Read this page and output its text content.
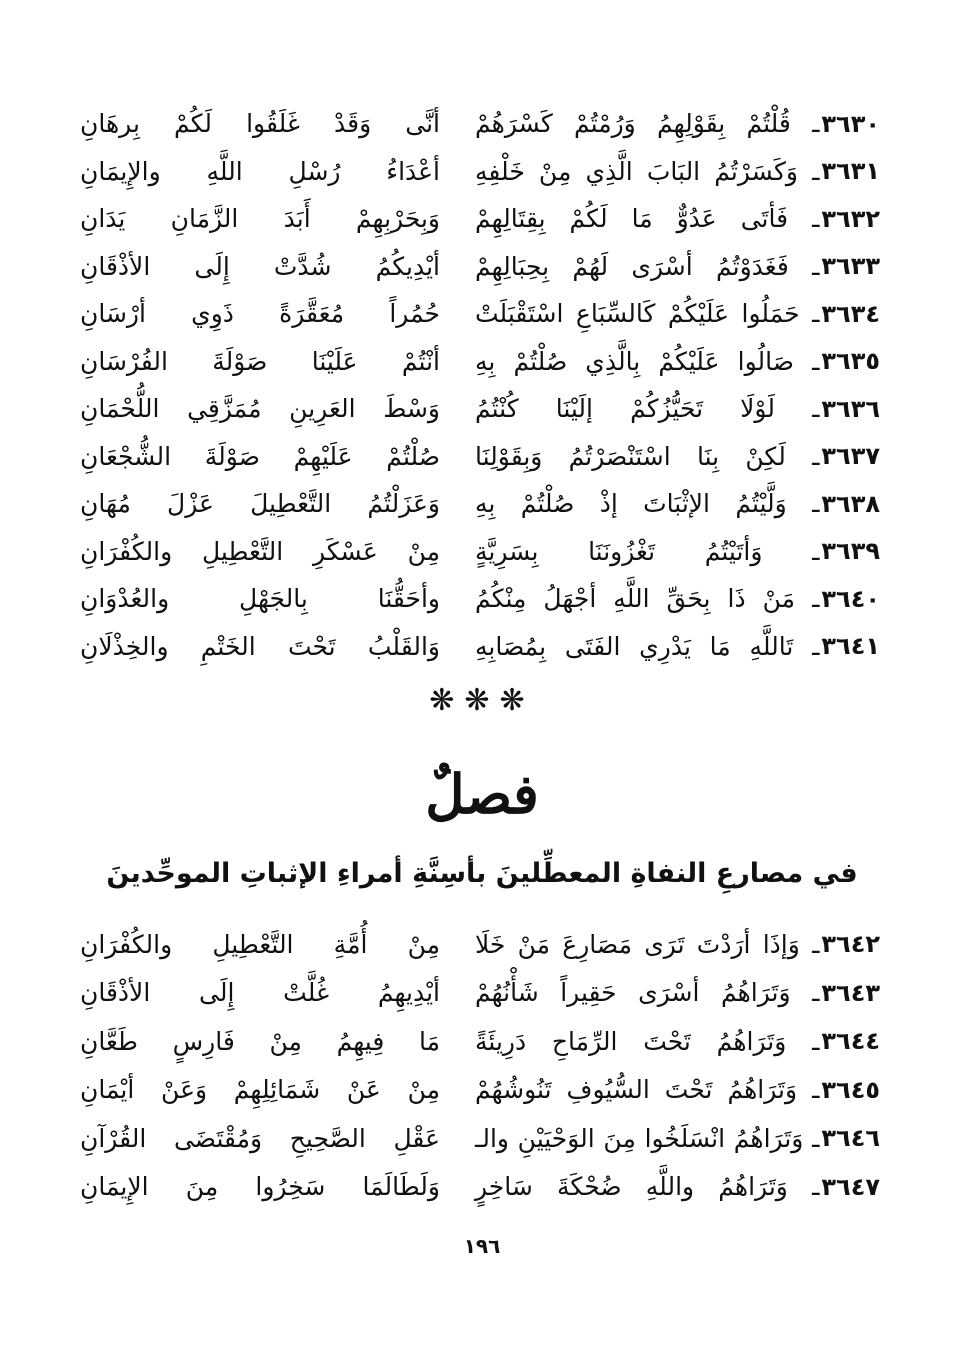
٣٦٣٠
ـ قُلْتُمْ بِقَوْلِهِمُ وَرُمْتُمْ كَسْرَهُمْ
أنَّى وَقَدْ غَلَقُوا لَكُمْ بِرهَانِ
٣٦٣١
ـ وَكَسَرْتُمُ البَابَ الَّذِي مِنْ خَلْفِهِ
أعْدَاءُ رُسْلِ اللَّهِ والإِيمَانِ
٣٦٣٢
ـ فَأتَى عَدُوٌّ مَا لَكُمْ بِقِتَالِهِمْ
وَبِحَرْبِهِمْ أَبَدَ الزَّمَانِ يَدَانِ
٣٦٣٣
ـ فَغَدَوْتُمُ أسْرَى لَهُمْ بِحِبَالِهِمْ
أيْدِيكُمُ شُدَّتْ إِلَى الأذْقَانِ
٣٦٣٤
ـ حَمَلُوا عَلَيْكُمْ كَالسِّبَاعِ اسْتَقْبَلَتْ
حُمُراً مُعَقَّرَةً ذَوِي أرْسَانِ
٣٦٣٥
ـ صَالُوا عَلَيْكُمْ بِالَّذِي صُلْتُمْ بِهِ
أنْتُمْ عَلَيْنَا صَوْلَةَ الفُرْسَانِ
٣٦٣٦
ـ لَوْلَا تَحَيُّزُكُمْ إلَيْنَا كُنْتُمُ
وَسْطَ العَرِينِ مُمَزَّقِي اللُّحْمَانِ
٣٦٣٧
ـ لَكِنْ بِنَا اسْتَنْصَرْتُمُ وَبِقَوْلِنَا
صُلْتُمْ عَلَيْهِمْ صَوْلَةَ الشُّجْعَانِ
٣٦٣٨
ـ وَلَّيْتُمُ الإثْبَاتَ إذْ صُلْتُمْ بِهِ
وَعَزَلْتُمُ التَّعْطِيلَ عَزْلَ مُهَانِ
٣٦٣٩
ـ وَأتَيْتُمُ تَغْزُونَنَا بِسَرِيَّةٍ
مِنْ عَسْكَرِ التَّعْطِيلِ والكُفْرَانِ
٣٦٤٠
ـ مَنْ ذَا بِحَقِّ اللَّهِ أجْهَلُ مِنْكُمُ
وأحَقُّنَا بِالجَهْلِ والعُدْوَانِ
٣٦٤١
ـ تَاللَّهِ مَا يَدْرِي الفَتَى بِمُصَابِهِ
وَالقَلْبُ تَحْتَ الخَتْمِ والخِذْلَانِ
❋❋❋
فصلٌ
في مصارعِ النفاةِ المعطِّلينَ بأسِنَّةِ أمراءِ الإثباتِ الموحِّدينَ
٣٦٤٢
ـ وَإذَا أرَدْتَ تَرَى مَصَارِعَ مَنْ خَلَا
مِنْ أُمَّةِ التَّعْطِيلِ والكُفْرَانِ
٣٦٤٣
ـ وَتَرَاهُمُ أسْرَى حَقِيراً شَأْنُهُمْ
أيْدِيهِمُ غُلَّتْ إِلَى الأذْقَانِ
٣٦٤٤
ـ وَتَرَاهُمُ تَحْتَ الرِّمَاحِ دَرِيئَةً
مَا فِيهِمُ مِنْ فَارِسٍ طَعَّانِ
٣٦٤٥
ـ وَتَرَاهُمُ تَحْتَ السُّيُوفِ تَنُوشُهُمْ
مِنْ عَنْ شَمَائِلِهِمْ وَعَنْ أيْمَانِ
٣٦٤٦
ـ وَتَرَاهُمُ انْسَلَخُوا مِنَ الوَحْيَيْنِ والـ
عَقْلِ الصَّحِيحِ وَمُقْتَضَى القُرْآنِ
٣٦٤٧
ـ وَتَرَاهُمُ واللَّهِ ضُحْكَةَ سَاخِرٍ
وَلَطَالَمَا سَخِرُوا مِنَ الإِيمَانِ
١٩٦
